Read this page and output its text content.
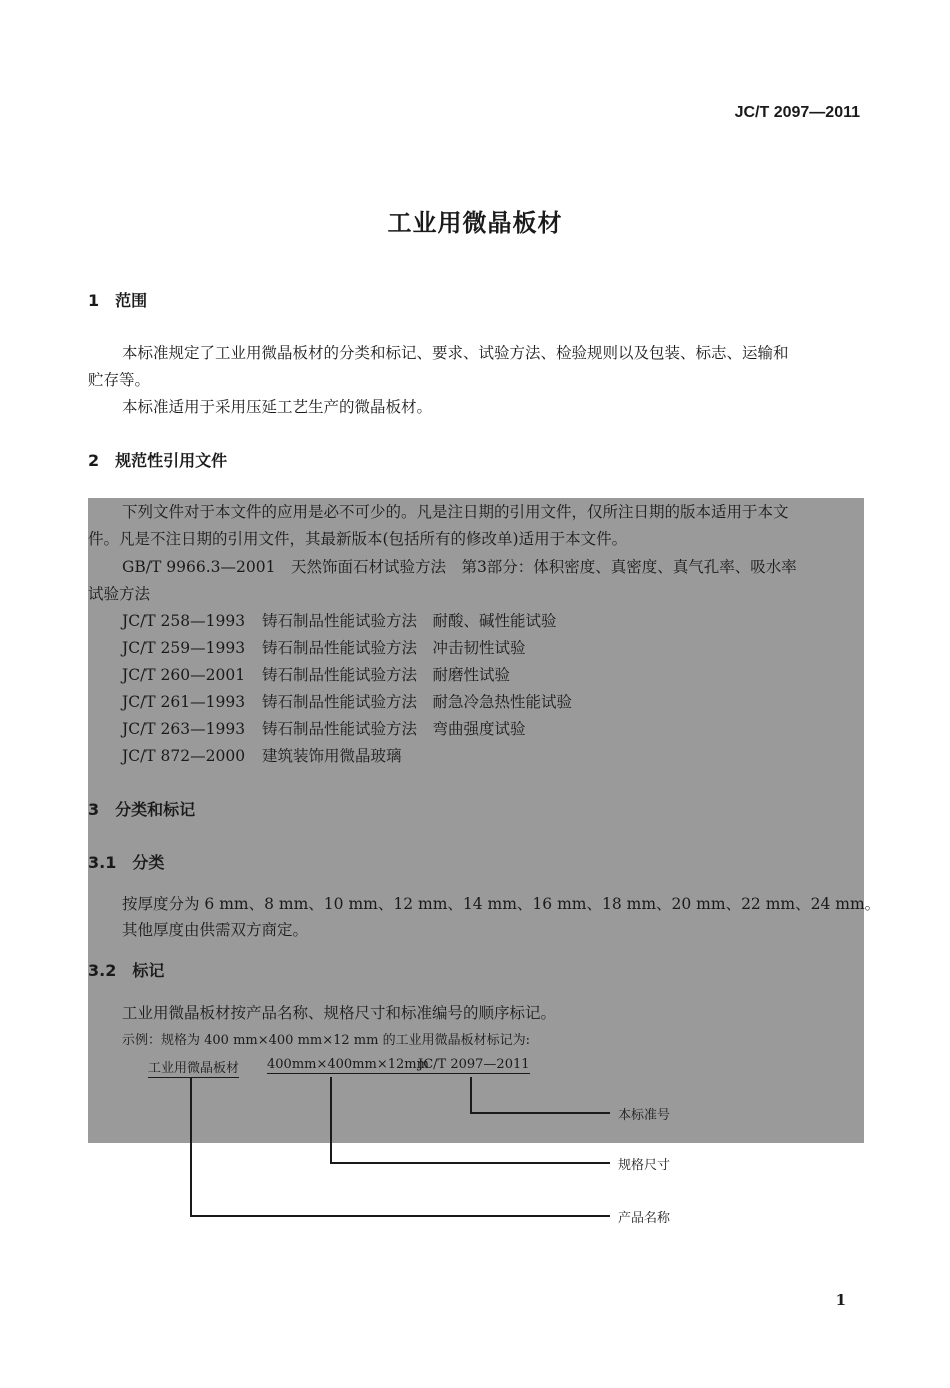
JC/T 2097—2011
工业用微晶板材
1　范围
本标准规定了工业用微晶板材的分类和标记、要求、试验方法、检验规则以及包装、标志、运输和
贮存等。
本标准适用于采用压延工艺生产的微晶板材。
2　规范性引用文件
下列文件对于本文件的应用是必不可少的。凡是注日期的引用文件，仅所注日期的版本适用于本文
件。凡是不注日期的引用文件，其最新版本(包括所有的修改单)适用于本文件。
GB/T 9966.3—2001　天然饰面石材试验方法　第3部分：体积密度、真密度、真气孔率、吸水率
试验方法
JC/T 258—1993 铸石制品性能试验方法　耐酸、碱性能试验
JC/T 259—1993 铸石制品性能试验方法　冲击韧性试验
JC/T 260—2001 铸石制品性能试验方法　耐磨性试验
JC/T 261—1993 铸石制品性能试验方法　耐急冷急热性能试验
JC/T 263—1993 铸石制品性能试验方法　弯曲强度试验
JC/T 872—2000 建筑装饰用微晶玻璃
3　分类和标记
3.1　分类
按厚度分为 6 mm、8 mm、10 mm、12 mm、14 mm、16 mm、18 mm、20 mm、22 mm、24 mm。
其他厚度由供需双方商定。
3.2　标记
工业用微晶板材按产品名称、规格尺寸和标准编号的顺序标记。
示例：规格为 400 mm×400 mm×12 mm 的工业用微晶板材标记为:
工业用微晶板材 400mm×400mm×12mm
JC/T 2097—2011
本标准号
规格尺寸
产品名称
1
